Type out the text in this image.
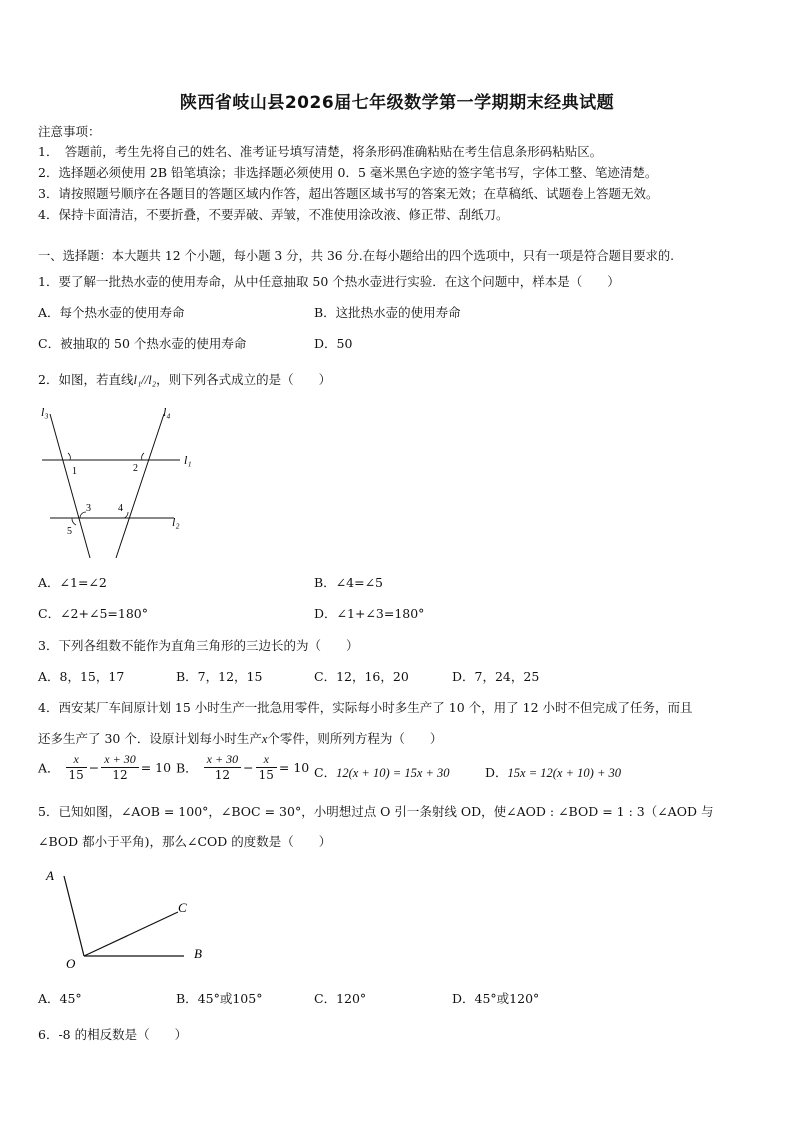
陕西省岐山县2026届七年级数学第一学期期末经典试题
注意事项：
1．　答题前，考生先将自己的姓名、准考证号填写清楚，将条形码准确粘贴在考生信息条形码粘贴区。
2．选择题必须使用 2B 铅笔填涂；非选择题必须使用 0．5 毫米黑色字迹的签字笔书写，字体工整、笔迹清楚。
3．请按照题号顺序在各题目的答题区域内作答，超出答题区域书写的答案无效；在草稿纸、试题卷上答题无效。
4．保持卡面清洁，不要折叠，不要弄破、弄皱，不准使用涂改液、修正带、刮纸刀。
一、选择题：本大题共 12 个小题，每小题 3 分，共 36 分.在每小题给出的四个选项中，只有一项是符合题目要求的.
1．要了解一批热水壶的使用寿命，从中任意抽取 50 个热水壶进行实验．在这个问题中，样本是（　　）
A．每个热水壶的使用寿命	B．这批热水壶的使用寿命
C．被抽取的 50 个热水壶的使用寿命	D．50
2．如图，若直线l₁//l₂，则下列各式成立的是（　　）
l₃	l₄
l₁
l₂
1	2
3	4
5
A．∠1=∠2	B．∠4=∠5
C．∠2+∠5=180°	D．∠1+∠3=180°
3．下列各组数不能作为直角三角形的三边长的为（　　）
A．8，15，17	B．7，12，15	C．12，16，20	D．7，24，25
4．西安某厂车间原计划 15 小时生产一批急用零件，实际每小时多生产了 10 个，用了 12 小时不但完成了任务，而且
还多生产了 30 个．设原计划每小时生产x个零件，则所列方程为（　　）
A． $\frac{x}{15} - \frac{x + 30}{12} = 10$ B． $\frac{x + 30}{12} - \frac{x}{15} = 10$ C．12(x + 10) = 15x + 30	D．15x = 12(x + 10) + 30
5．已知如图，∠AOB = 100°，∠BOC = 30°，小明想过点 O 引一条射线 OD，使∠AOD : ∠BOD = 1 : 3（∠AOD 与
∠BOD 都小于平角)，那么∠COD 的度数是（　　）
A
C
O
B
A．45°	B．45°或105°	C．120°	D．45°或120°
6．-8 的相反数是（　　）
